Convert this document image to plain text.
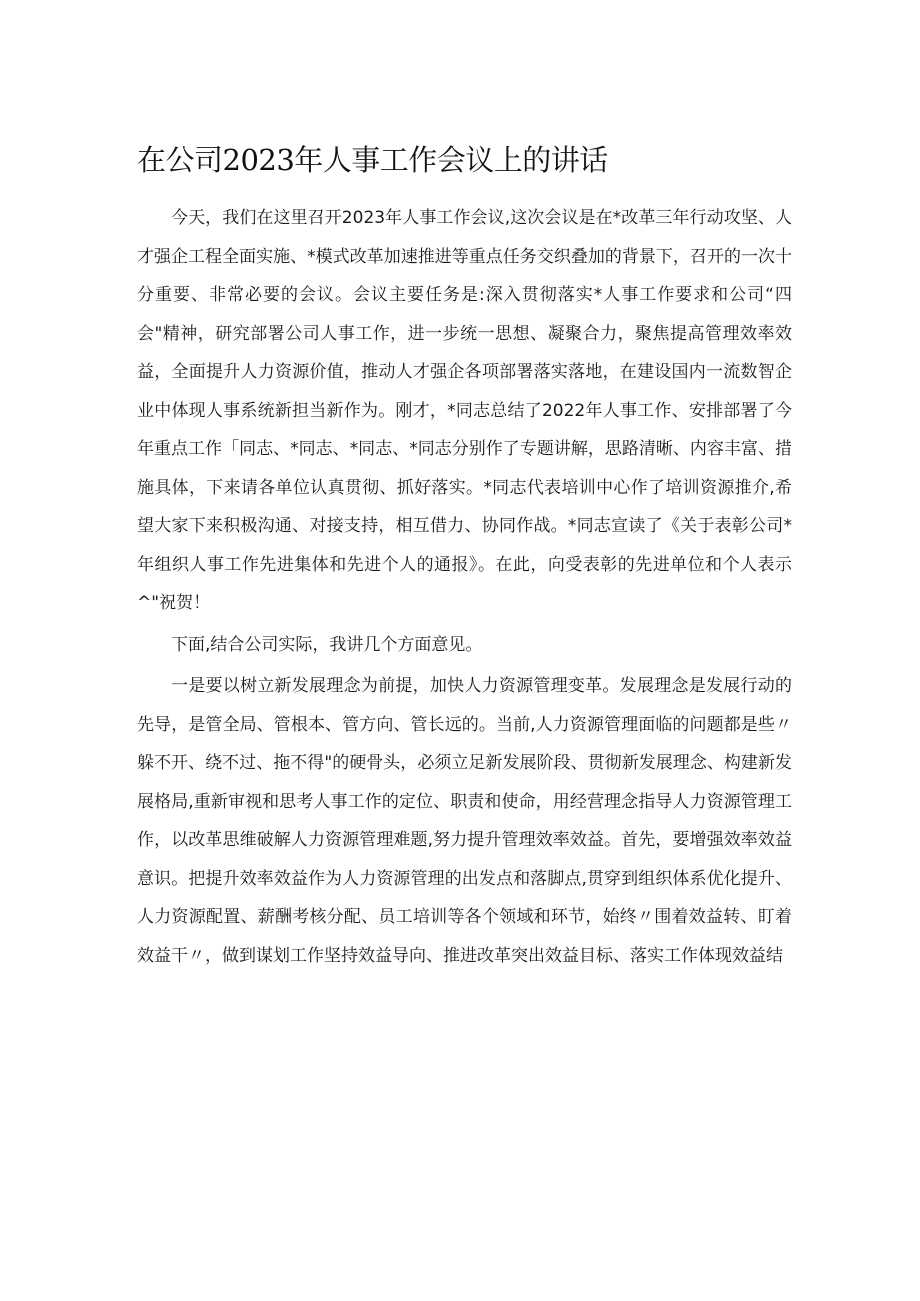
在公司2023年人事工作会议上的讲话

今天，我们在这里召开2023年人事工作会议,这次会议是在*改革三年行动攻坚、人才强企工程全面实施、*模式改革加速推进等重点任务交织叠加的背景下，召开的一次十分重要、非常必要的会议。会议主要任务是:深入贯彻落实*人事工作要求和公司“四会"精神，研究部署公司人事工作，进一步统一思想、凝聚合力，聚焦提高管理效率效益，全面提升人力资源价值，推动人才强企各项部署落实落地，在建设国内一流数智企业中体现人事系统新担当新作为。刚才，*同志总结了2022年人事工作、安排部署了今年重点工作「同志、*同志、*同志、*同志分别作了专题讲解，思路清晰、内容丰富、措施具体，下来请各单位认真贯彻、抓好落实。*同志代表培训中心作了培训资源推介,希望大家下来积极沟通、对接支持，相互借力、协同作战。*同志宣读了《关于表彰公司*年组织人事工作先进集体和先进个人的通报》。在此，向受表彰的先进单位和个人表示^"祝贺！

下面,结合公司实际，我讲几个方面意见。

一是要以树立新发展理念为前提，加快人力资源管理变革。发展理念是发展行动的先导，是管全局、管根本、管方向、管长远的。当前,人力资源管理面临的问题都是些〃躲不开、绕不过、拖不得"的硬骨头，必须立足新发展阶段、贯彻新发展理念、构建新发展格局,重新审视和思考人事工作的定位、职责和使命，用经营理念指导人力资源管理工作，以改革思维破解人力资源管理难题,努力提升管理效率效益。首先，要增强效率效益意识。把提升效率效益作为人力资源管理的出发点和落脚点,贯穿到组织体系优化提升、人力资源配置、薪酬考核分配、员工培训等各个领域和环节，始终〃围着效益转、盯着效益干〃，做到谋划工作坚持效益导向、推进改革突出效益目标、落实工作体现效益结
